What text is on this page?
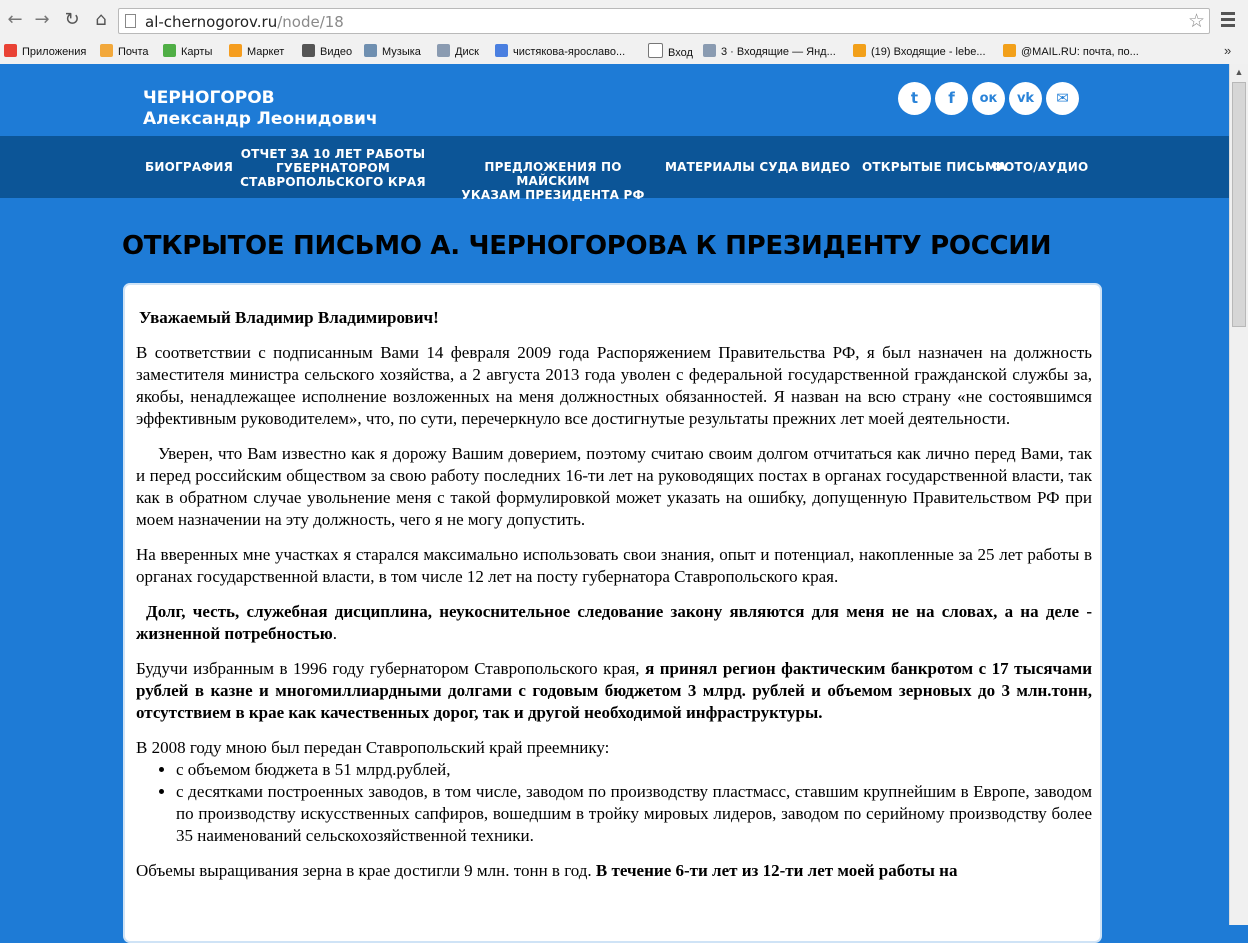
← → ↻ ⌂	al-chernogorov.ru/node/18	☆
Приложения	Почта	Карты	Маркет	Видео	Музыка	Диск	чистякова-ярославо...	Вход	3 · Входящие — Янд...	(19) Входящие - lebe...	@MAIL.RU: почта, по...	»
▲
ЧЕРНОГОРОВ
Александр Леонидович
t	f	ок	vk	✉
БИОГРАФИЯ
ОТЧЕТ ЗА 10 ЛЕТ РАБОТЫ
ГУБЕРНАТОРОМ
СТАВРОПОЛЬСКОГО КРАЯ
ПРЕДЛОЖЕНИЯ ПО МАЙСКИМ
УКАЗАМ ПРЕЗИДЕНТА РФ
МАТЕРИАЛЫ СУДА ВИДЕО ОТКРЫТЫЕ ПИСЬМА
ФОТО/АУДИО
ОТКРЫТОЕ ПИСЬМО А. ЧЕРНОГОРОВА К ПРЕЗИДЕНТУ РОССИИ

Уважаемый Владимир Владимирович!

В соответствии с подписанным Вами 14 февраля 2009 года Распоряжением Правительства РФ, я был назначен на должность заместителя министра сельского хозяйства, а 2 августа 2013 года уволен с федеральной государственной гражданской службы за, якобы, ненадлежащее исполнение возложенных на меня должностных обязанностей. Я назван на всю страну «не состоявшимся эффективным руководителем», что, по сути, перечеркнуло все достигнутые результаты прежних лет моей деятельности.

Уверен, что Вам известно как я дорожу Вашим доверием, поэтому считаю своим долгом отчитаться как лично перед Вами, так и перед российским обществом за свою работу последних 16-ти лет на руководящих постах в органах государственной власти, так как в обратном случае увольнение меня с такой формулировкой может указать на ошибку, допущенную Правительством РФ при моем назначении на эту должность, чего я не могу допустить.

На вверенных мне участках я старался максимально использовать свои знания, опыт и потенциал, накопленные за 25 лет работы в органах государственной власти, в том числе 12 лет на посту губернатора Ставропольского края.

Долг, честь, служебная дисциплина, неукоснительное следование закону являются для меня не на словах, а на деле - жизненной потребностью.

Будучи избранным в 1996 году губернатором Ставропольского края, я принял регион фактическим банкротом с 17 тысячами рублей в казне и многомиллиардными долгами с годовым бюджетом 3 млрд. рублей и объемом зерновых до 3 млн.тонн, отсутствием в крае как качественных дорог, так и другой необходимой инфраструктуры.

В 2008 году мною был передан Ставропольский край преемнику:

• с объемом бюджета в 51 млрд.рублей,
• с десятками построенных заводов, в том числе, заводом по производству пластмасс, ставшим крупнейшим в Европе, заводом по производству искусственных сапфиров, вошедшим в тройку мировых лидеров, заводом по серийному производству более 35 наименований сельскохозяйственной техники.

Объемы выращивания зерна в крае достигли 9 млн. тонн в год. В течение 6-ти лет из 12-ти лет моей работы на
